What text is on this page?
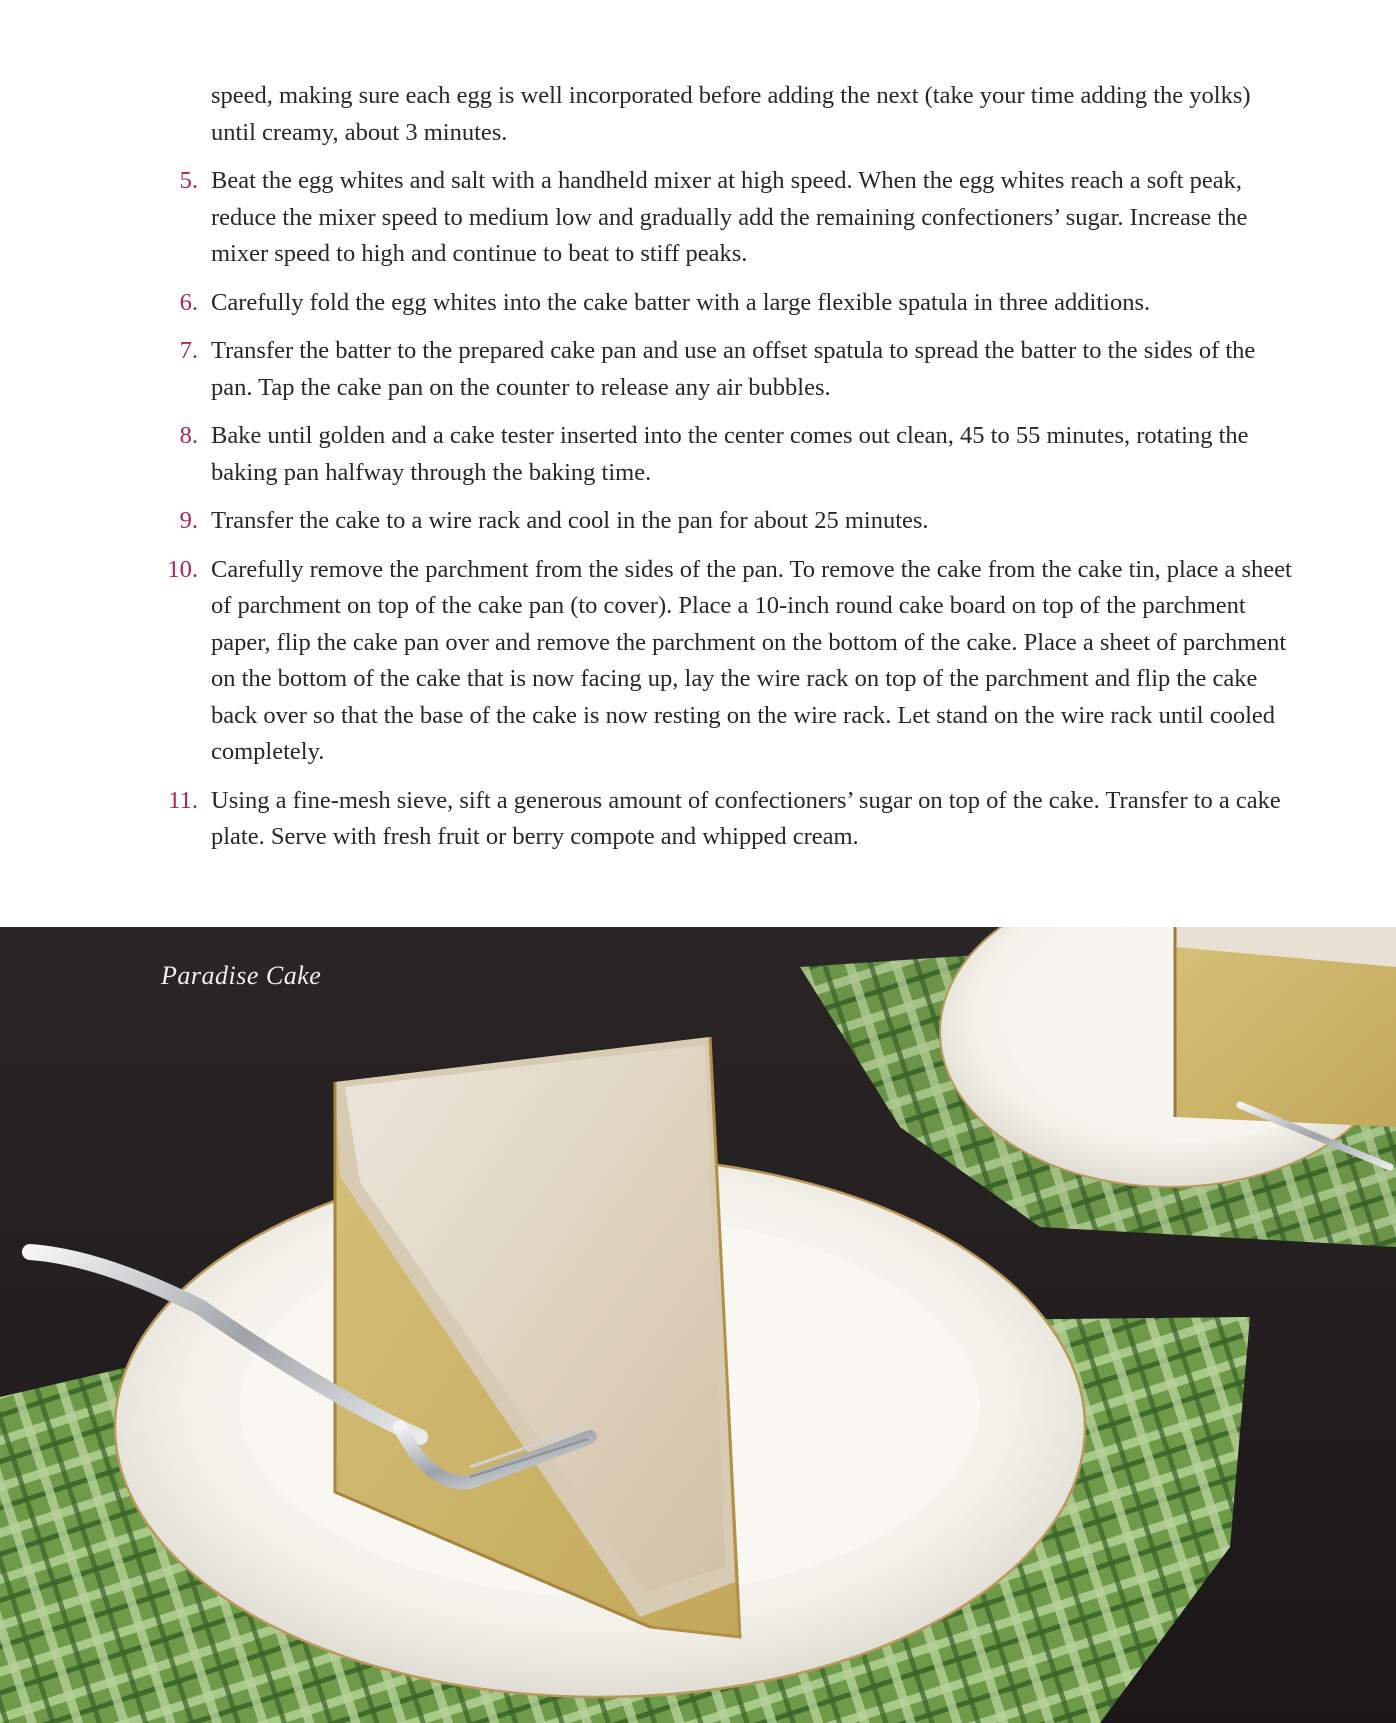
speed, making sure each egg is well incorporated before adding the next (take your time adding the yolks) until creamy, about 3 minutes.

5. Beat the egg whites and salt with a handheld mixer at high speed. When the egg whites reach a soft peak, reduce the mixer speed to medium low and gradually add the remaining confectioners’ sugar. Increase the mixer speed to high and continue to beat to stiff peaks.

6. Carefully fold the egg whites into the cake batter with a large flexible spatula in three additions.

7. Transfer the batter to the prepared cake pan and use an offset spatula to spread the batter to the sides of the pan. Tap the cake pan on the counter to release any air bubbles.

8. Bake until golden and a cake tester inserted into the center comes out clean, 45 to 55 minutes, rotating the baking pan halfway through the baking time.

9. Transfer the cake to a wire rack and cool in the pan for about 25 minutes.

10. Carefully remove the parchment from the sides of the pan. To remove the cake from the cake tin, place a sheet of parchment on top of the cake pan (to cover). Place a 10-inch round cake board on top of the parchment paper, flip the cake pan over and remove the parchment on the bottom of the cake. Place a sheet of parchment on the bottom of the cake that is now facing up, lay the wire rack on top of the parchment and flip the cake back over so that the base of the cake is now resting on the wire rack. Let stand on the wire rack until cooled completely.

11. Using a fine-mesh sieve, sift a generous amount of confectioners’ sugar on top of the cake. Transfer to a cake plate. Serve with fresh fruit or berry compote and whipped cream.

Paradise Cake
